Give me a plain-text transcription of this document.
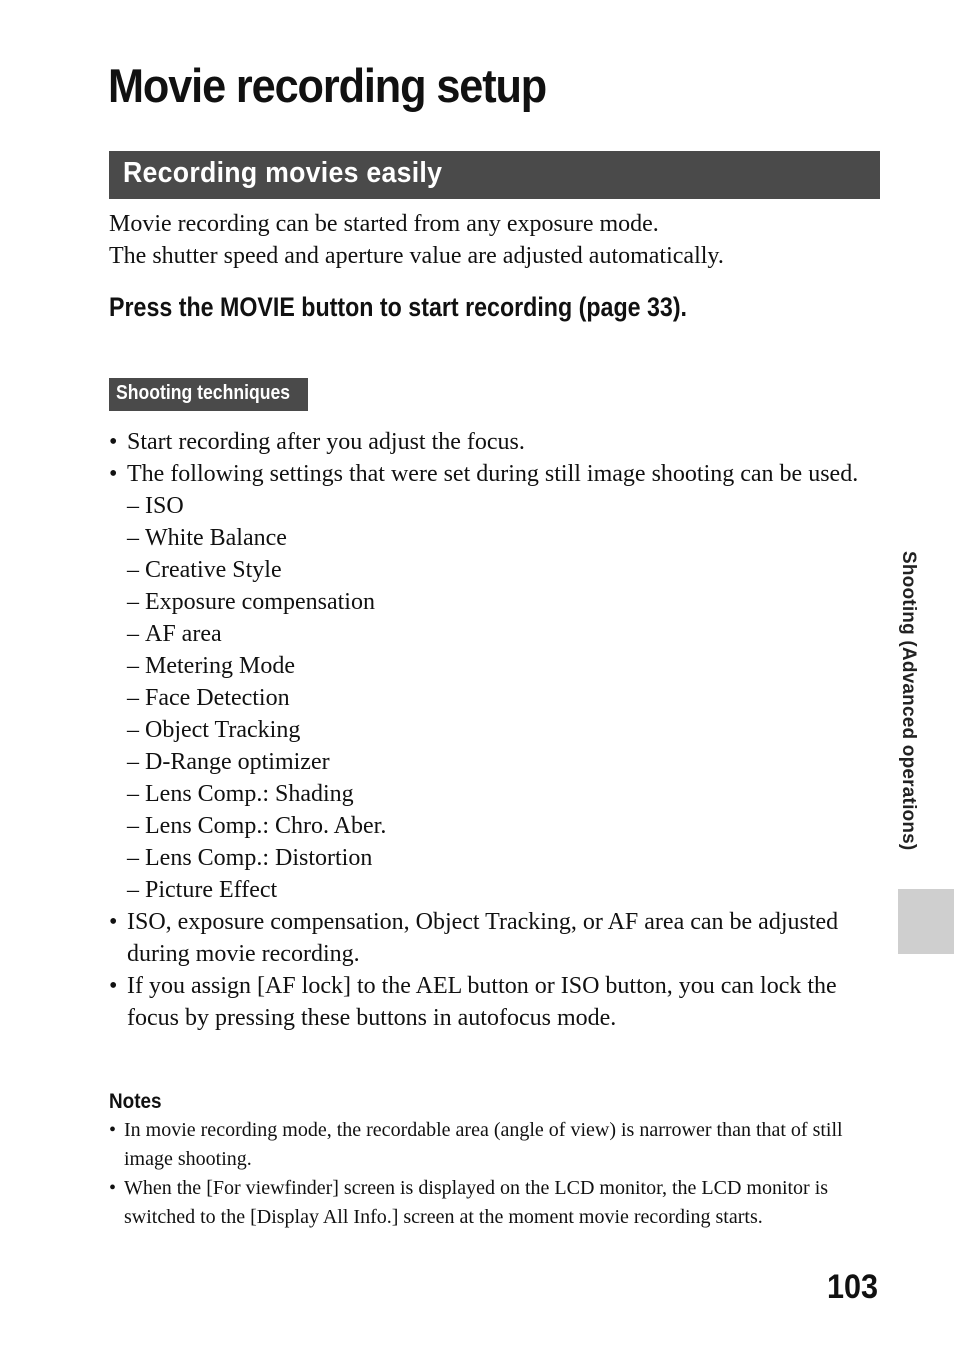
Movie recording setup
Recording movies easily
Movie recording can be started from any exposure mode.
The shutter speed and aperture value are adjusted automatically.
Press the MOVIE button to start recording (page 33).
Shooting techniques
• Start recording after you adjust the focus.
• The following settings that were set during still image shooting can be used.
– ISO
– White Balance
– Creative Style
– Exposure compensation
– AF area
– Metering Mode
– Face Detection
– Object Tracking
– D-Range optimizer
– Lens Comp.: Shading
– Lens Comp.: Chro. Aber.
– Lens Comp.: Distortion
– Picture Effect
• ISO, exposure compensation, Object Tracking, or AF area can be adjusted during movie recording.
• If you assign [AF lock] to the AEL button or ISO button, you can lock the focus by pressing these buttons in autofocus mode.
Notes
• In movie recording mode, the recordable area (angle of view) is narrower than that of still image shooting.
• When the [For viewfinder] screen is displayed on the LCD monitor, the LCD monitor is switched to the [Display All Info.] screen at the moment movie recording starts.
Shooting (Advanced operations)
103
